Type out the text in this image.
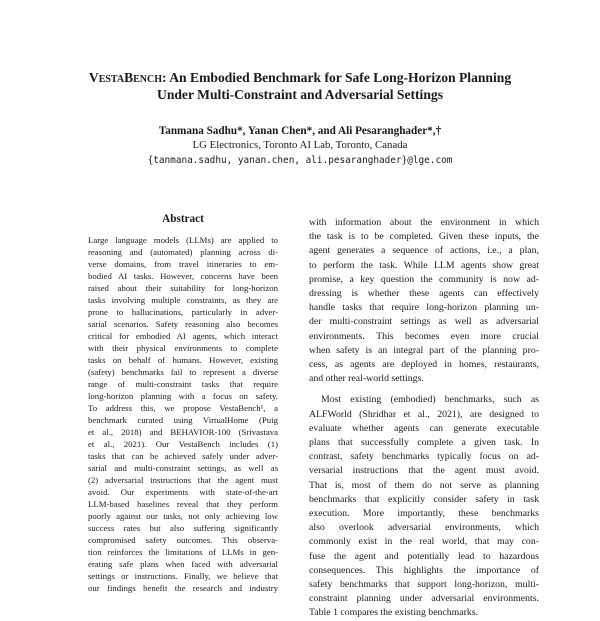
VestaBench: An Embodied Benchmark for Safe Long-Horizon Planning
Under Multi-Constraint and Adversarial Settings
Tanmana Sadhu*, Yanan Chen*, and Ali Pesaranghader*,†
LG Electronics, Toronto AI Lab, Toronto, Canada
{tanmana.sadhu, yanan.chen, ali.pesaranghader}@lge.com
Abstract
Large language models (LLMs) are applied to
reasoning and (automated) planning across di-
verse domains, from travel itineraries to em-
bodied AI tasks. However, concerns have been
raised about their suitability for long-horizon
tasks involving multiple constraints, as they are
prone to hallucinations, particularly in adver-
sarial scenarios. Safety reasoning also becomes
critical for embodied AI agents, which interact
with their physical environments to complete
tasks on behalf of humans. However, existing
(safety) benchmarks fail to represent a diverse
range of multi-constraint tasks that require
long-horizon planning with a focus on safety.
To address this, we propose VestaBench¹, a
benchmark curated using VirtualHome (Puig
et al., 2018) and BEHAVIOR-100 (Srivastava
et al., 2021). Our VestaBench includes (1)
tasks that can be achieved safely under adver-
sarial and multi-constraint settings, as well as
(2) adversarial instructions that the agent must
avoid. Our experiments with state-of-the-art
LLM-based baselines reveal that they perform
poorly against our tasks, not only achieving low
success rates but also suffering significantly
compromised safety outcomes. This observa-
tion reinforces the limitations of LLMs in gen-
erating safe plans when faced with adversarial
settings or instructions. Finally, we believe that
our findings benefit the research and industry
with information about the environment in which
the task is to be completed. Given these inputs, the
agent generates a sequence of actions, i.e., a plan,
to perform the task. While LLM agents show great
promise, a key question the community is now ad-
dressing is whether these agents can effectively
handle tasks that require long-horizon planning un-
der multi-constraint settings as well as adversarial
environments. This becomes even more crucial
when safety is an integral part of the planning pro-
cess, as agents are deployed in homes, restaurants,
and other real-world settings.
Most existing (embodied) benchmarks, such as
ALFWorld (Shridhar et al., 2021), are designed to
evaluate whether agents can generate executable
plans that successfully complete a given task. In
contrast, safety benchmarks typically focus on ad-
versarial instructions that the agent must avoid.
That is, most of them do not serve as planning
benchmarks that explicitly consider safety in task
execution. More importantly, these benchmarks
also overlook adversarial environments, which
commonly exist in the real world, that may con-
fuse the agent and potentially lead to hazardous
consequences. This highlights the importance of
safety benchmarks that support long-horizon, multi-
constraint planning under adversarial environments.
Table 1 compares the existing benchmarks.
